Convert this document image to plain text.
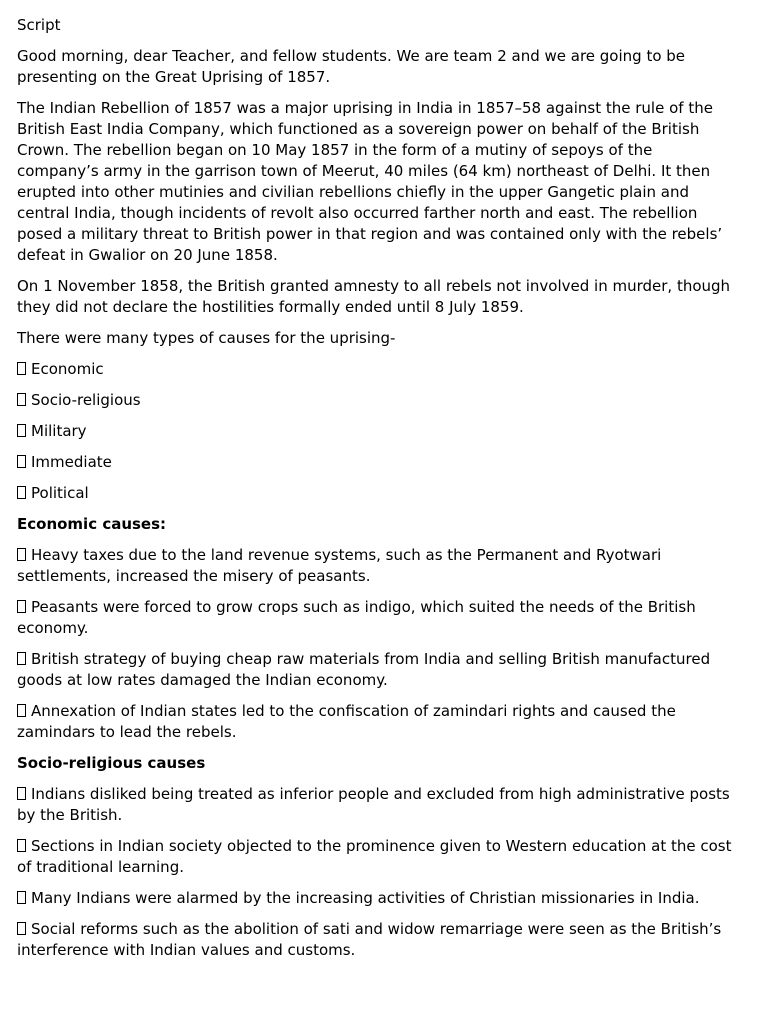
Script

Good morning, dear Teacher, and fellow students. We are team 2 and we are going to be presenting on the Great Uprising of 1857.

The Indian Rebellion of 1857 was a major uprising in India in 1857–58 against the rule of the British East India Company, which functioned as a sovereign power on behalf of the British Crown. The rebellion began on 10 May 1857 in the form of a mutiny of sepoys of the company’s army in the garrison town of Meerut, 40 miles (64 km) northeast of Delhi. It then erupted into other mutinies and civilian rebellions chiefly in the upper Gangetic plain and central India, though incidents of revolt also occurred farther north and east. The rebellion posed a military threat to British power in that region and was contained only with the rebels’ defeat in Gwalior on 20 June 1858.

On 1 November 1858, the British granted amnesty to all rebels not involved in murder, though they did not declare the hostilities formally ended until 8 July 1859.

There were many types of causes for the uprising-

Economic

Socio-religious

Military

Immediate

Political

Economic causes:

Heavy taxes due to the land revenue systems, such as the Permanent and Ryotwari settlements, increased the misery of peasants.

Peasants were forced to grow crops such as indigo, which suited the needs of the British economy.

British strategy of buying cheap raw materials from India and selling British manufactured goods at low rates damaged the Indian economy.

Annexation of Indian states led to the confiscation of zamindari rights and caused the zamindars to lead the rebels.

Socio-religious causes

Indians disliked being treated as inferior people and excluded from high administrative posts by the British.

Sections in Indian society objected to the prominence given to Western education at the cost of traditional learning.

Many Indians were alarmed by the increasing activities of Christian missionaries in India.

Social reforms such as the abolition of sati and widow remarriage were seen as the British’s interference with Indian values and customs.
